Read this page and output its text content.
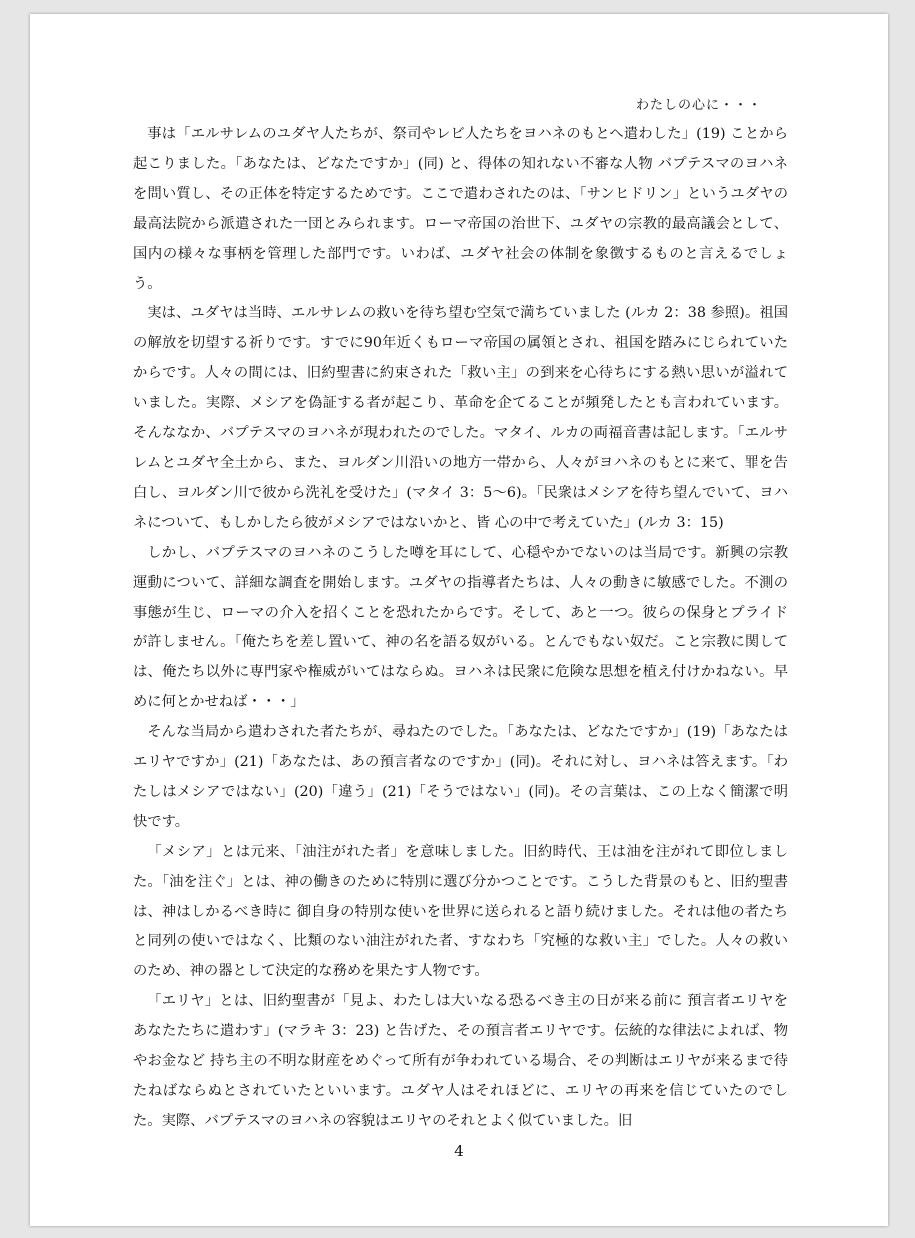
わたしの心に・・・

事は「エルサレムのユダヤ人たちが、祭司やレビ人たちをヨハネのもとへ遣わした」(19) ことから起こりました。「あなたは、どなたですか」(同) と、得体の知れない不審な人物 バプテスマのヨハネを問い質し、その正体を特定するためです。ここで遣わされたのは、「サンヒドリン」というユダヤの最高法院から派遣された一団とみられます。ローマ帝国の治世下、ユダヤの宗教的最高議会として、国内の様々な事柄を管理した部門です。いわば、ユダヤ社会の体制を象徴するものと言えるでしょう。

実は、ユダヤは当時、エルサレムの救いを待ち望む空気で満ちていました (ルカ 2：38 参照)。祖国の解放を切望する祈りです。すでに90年近くもローマ帝国の属領とされ、祖国を踏みにじられていたからです。人々の間には、旧約聖書に約束された「救い主」の到来を心待ちにする熱い思いが溢れていました。実際、メシアを偽証する者が起こり、革命を企てることが頻発したとも言われています。そんななか、バプテスマのヨハネが現われたのでした。マタイ、ルカの両福音書は記します。「エルサレムとユダヤ全土から、また、ヨルダン川沿いの地方一帯から、人々がヨハネのもとに来て、罪を告白し、ヨルダン川で彼から洗礼を受けた」(マタイ 3：5〜6)。「民衆はメシアを待ち望んでいて、ヨハネについて、もしかしたら彼がメシアではないかと、皆 心の中で考えていた」(ルカ 3：15)

しかし、バプテスマのヨハネのこうした噂を耳にして、心穏やかでないのは当局です。新興の宗教運動について、詳細な調査を開始します。ユダヤの指導者たちは、人々の動きに敏感でした。不測の事態が生じ、ローマの介入を招くことを恐れたからです。そして、あと一つ。彼らの保身とプライドが許しません。「俺たちを差し置いて、神の名を語る奴がいる。とんでもない奴だ。こと宗教に関しては、俺たち以外に専門家や権威がいてはならぬ。ヨハネは民衆に危険な思想を植え付けかねない。早めに何とかせねば・・・」

そんな当局から遣わされた者たちが、尋ねたのでした。「あなたは、どなたですか」(19)「あなたはエリヤですか」(21)「あなたは、あの預言者なのですか」(同)。それに対し、ヨハネは答えます。「わたしはメシアではない」(20)「違う」(21)「そうではない」(同)。その言葉は、この上なく簡潔で明快です。

「メシア」とは元来、「油注がれた者」を意味しました。旧約時代、王は油を注がれて即位しました。「油を注ぐ」とは、神の働きのために特別に選び分かつことです。こうした背景のもと、旧約聖書は、神はしかるべき時に 御自身の特別な使いを世界に送られると語り続けました。それは他の者たちと同列の使いではなく、比類のない油注がれた者、すなわち「究極的な救い主」でした。人々の救いのため、神の器として決定的な務めを果たす人物です。

「エリヤ」とは、旧約聖書が「見よ、わたしは大いなる恐るべき主の日が来る前に 預言者エリヤをあなたたちに遣わす」(マラキ 3：23) と告げた、その預言者エリヤです。伝統的な律法によれば、物やお金など 持ち主の不明な財産をめぐって所有が争われている場合、その判断はエリヤが来るまで待たねばならぬとされていたといいます。ユダヤ人はそれほどに、エリヤの再来を信じていたのでした。実際、バプテスマのヨハネの容貌はエリヤのそれとよく似ていました。旧

4
